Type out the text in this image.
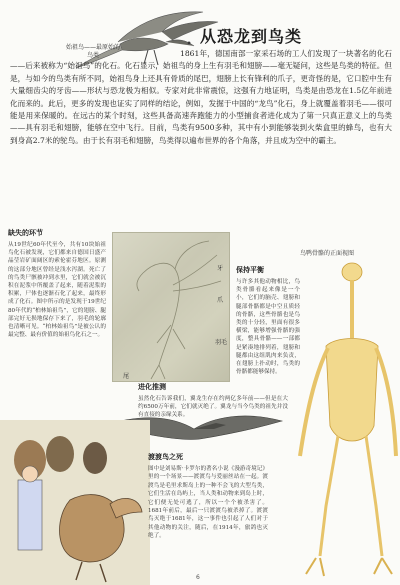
始祖鸟——最原始的鸟类
从恐龙到鸟类
1861年，德国南部一家采石场的工人们发现了一块著名的化石——后来被称为“始祖鸟”的化石。化石显示，始祖鸟的身上生有羽毛和翅膀——毫无疑问，这些是鸟类的特征。但是，与如今的鸟类有所不同，始祖鸟身上还具有骨质的尾巴，翅膀上长有锋利的爪子，更奇怪的是，它口腔中生有大量细齿尖的牙齿——形状与恐龙极为相似。专家对此非常震惊，这强有力地证明，鸟类是由恐龙在1.5亿年前进化而来的。此后，更多的发现也证实了同样的结论，例如，发掘于中国的“龙鸟”化石，身上就覆盖着羽毛——很可能是用来保暖的。在远古的某个时刻，这些具备高速奔跑能力的小型捕食者进化成为了第一只真正意义上的鸟类——具有羽毛和翅膀，能够在空中飞行。目前，鸟类有9500多种，其中有小到能够装到火柴盒里的蜂鸟，也有大到身高2.7米的鸵鸟。由于长有羽毛和翅膀，鸟类得以遍布世界的各个角落，并且成为空中的霸主。
缺失的环节
从19世纪60年代至今，共有10块始祖鸟化石被发现，它们都来自德国日盛产晶莹岩矿面阔区的索伦霍芬地区。原测的这部分地区曾经是浅水泻湖。死亡了的鸟类尸骸被冲到水里，它们就会被沉积在泥浆中所覆盖了起来，随着泥浆的积累，尸体也逐渐石化了起来，最终形成了化石。图中所示的是发现于19世纪80年代的“柏林始祖鸟”，它的翅膀、腿部完好无损地保存下来了，羽毛的轮廓也清晰可见。“柏林始祖鸟”是被公认的最完整、最有价值的始祖鸟化石之一。
牙
爪
羽毛
尾
保持平衡
与许多其他动物相比，鸟类骨骼看起来像是一个小，它们的脑壳、翅膀和腿部骨骼都是中空且质轻的骨骼，这些骨骼也是鸟类的十分轻，里面有很多横梁，能够增强骨骼的强度，整具骨骼——一部都是紧凑地排列着，翅膀和腿都由这组肌肉来负责，在翅膀上扑动时，鸟类的骨骼都能够保持。
鸟鸭骨骼的正面视图
进化推测
虽然化石告诉我们，翼龙生存在约两亿多年前——但是在大约6500万年前，它们就灭绝了。翼龙与当今鸟类的祖先并没有直接的亲缘关系。
渡渡鸟之死
图中是刘易斯·卡罗尔的著名小说《漫游奇境记》里的一个场景——渡渡鸟与爱丽丝站在一起。渡渡鸟是毛里求斯岛上的一种不会飞的大型鸟类，它们生活在岛屿上，当人类和动物来到岛上时，它们便无处可逃了，所以一个个被杀害了。1681年前后，最后一只渡渡鸟被杀掉了。渡渡鸟灭绝于1681年，这一事件也引起了人们对于其他动物的关注，随后，在1914年，旅鸽也灭绝了。
6
